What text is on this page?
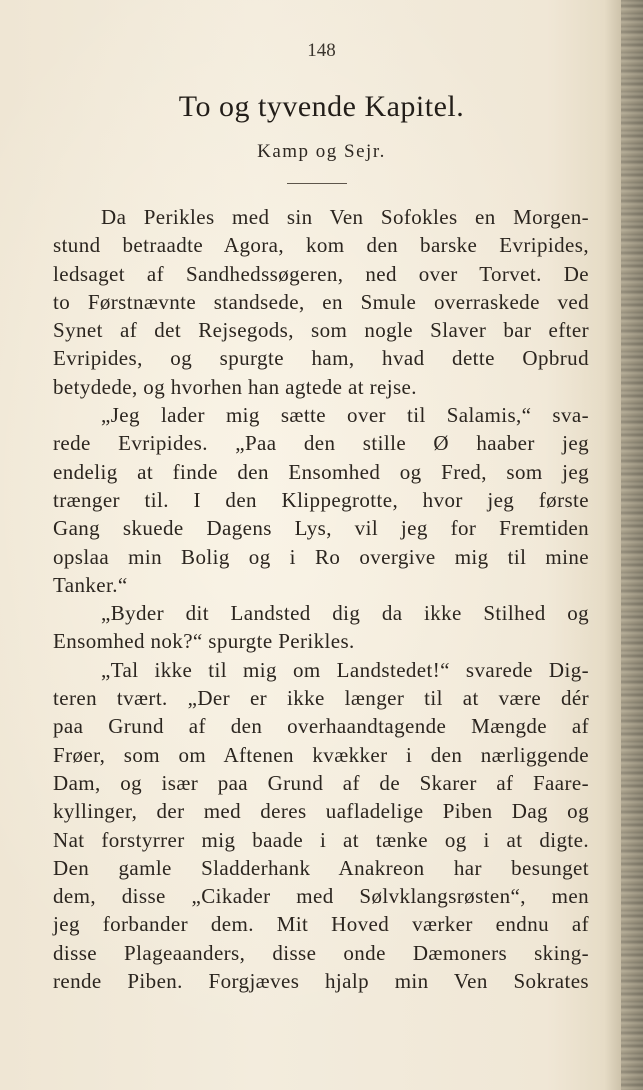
148
To og tyvende Kapitel.
Kamp og Sejr.
Da Perikles med sin Ven Sofokles en Morgen-
stund betraadte Agora, kom den barske Evripides,
ledsaget af Sandhedssøgeren, ned over Torvet. De
to Førstnævnte standsede, en Smule overraskede ved
Synet af det Rejsegods, som nogle Slaver bar efter
Evripides, og spurgte ham, hvad dette Opbrud
betydede, og hvorhen han agtede at rejse.
„Jeg lader mig sætte over til Salamis,“ sva-
rede Evripides. „Paa den stille Ø haaber jeg
endelig at finde den Ensomhed og Fred, som jeg
trænger til. I den Klippegrotte, hvor jeg første
Gang skuede Dagens Lys, vil jeg for Fremtiden
opslaa min Bolig og i Ro overgive mig til mine
Tanker.“
„Byder dit Landsted dig da ikke Stilhed og
Ensomhed nok?“ spurgte Perikles.
„Tal ikke til mig om Landstedet!“ svarede Dig-
teren tvært. „Der er ikke længer til at være dér
paa Grund af den overhaandtagende Mængde af
Frøer, som om Aftenen kvækker i den nærliggende
Dam, og især paa Grund af de Skarer af Faare-
kyllinger, der med deres uafladelige Piben Dag og
Nat forstyrrer mig baade i at tænke og i at digte.
Den gamle Sladderhank Anakreon har besunget
dem, disse „Cikader med Sølvklangsrøsten“, men
jeg forbander dem. Mit Hoved værker endnu af
disse Plageaanders, disse onde Dæmoners sking-
rende Piben. Forgjæves hjalp min Ven Sokrates
